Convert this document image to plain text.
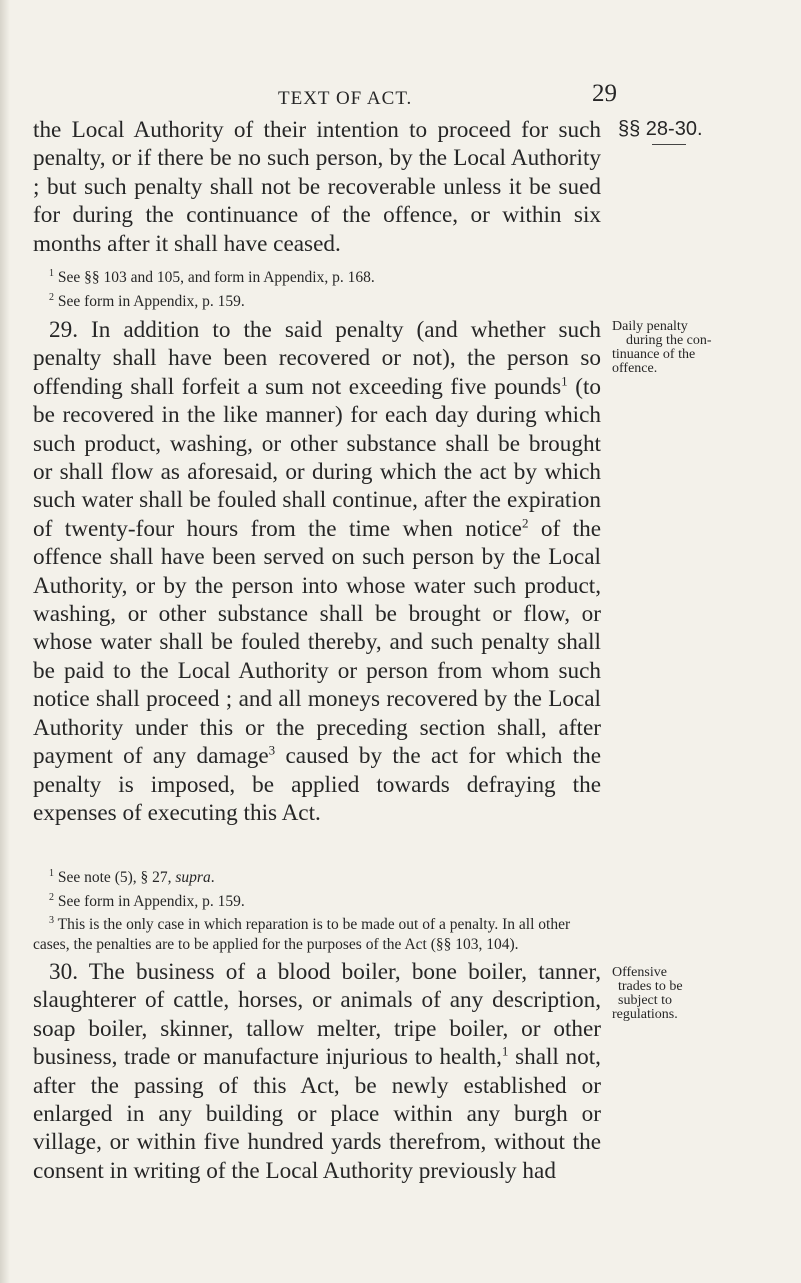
TEXT OF ACT.	29
§§ 28-30.
the Local Authority of their intention to proceed for such penalty, or if there be no such person, by the Local Authority ; but such penalty shall not be recoverable unless it be sued for during the continuance of the offence, or within six months after it shall have ceased.
$^1$ See §§ 103 and 105, and form in Appendix, p. 168.
$^2$ See form in Appendix, p. 159.
29. In addition to the said penalty (and whether such penalty shall have been recovered or not), the person so offending shall forfeit a sum not exceeding five pounds$^1$ (to be recovered in the like manner) for each day during which such product, washing, or other substance shall be brought or shall flow as aforesaid, or during which the act by which such water shall be fouled shall continue, after the expiration of twenty-four hours from the time when notice$^2$ of the offence shall have been served on such person by the Local Authority, or by the person into whose water such product, washing, or other substance shall be brought or flow, or whose water shall be fouled thereby, and such penalty shall be paid to the Local Authority or person from whom such notice shall proceed ; and all moneys recovered by the Local Authority under this or the preceding section shall, after payment of any damage$^3$ caused by the act for which the penalty is imposed, be applied towards defraying the expenses of executing this Act.
Daily penalty
during the con-
tinuance of the
offence.
$^1$ See note (5), § 27, supra.
$^2$ See form in Appendix, p. 159.
$^3$ This is the only case in which reparation is to be made out of a penalty. In all other cases, the penalties are to be applied for the purposes of the Act (§§ 103, 104).
30. The business of a blood boiler, bone boiler, tanner, slaughterer of cattle, horses, or animals of any description, soap boiler, skinner, tallow melter, tripe boiler, or other business, trade or manufacture injurious to health,$^1$ shall not, after the passing of this Act, be newly established or enlarged in any building or place within any burgh or village, or within five hundred yards therefrom, without the consent in writing of the Local Authority previously had
Offensive
trades to be
subject to
regulations.
